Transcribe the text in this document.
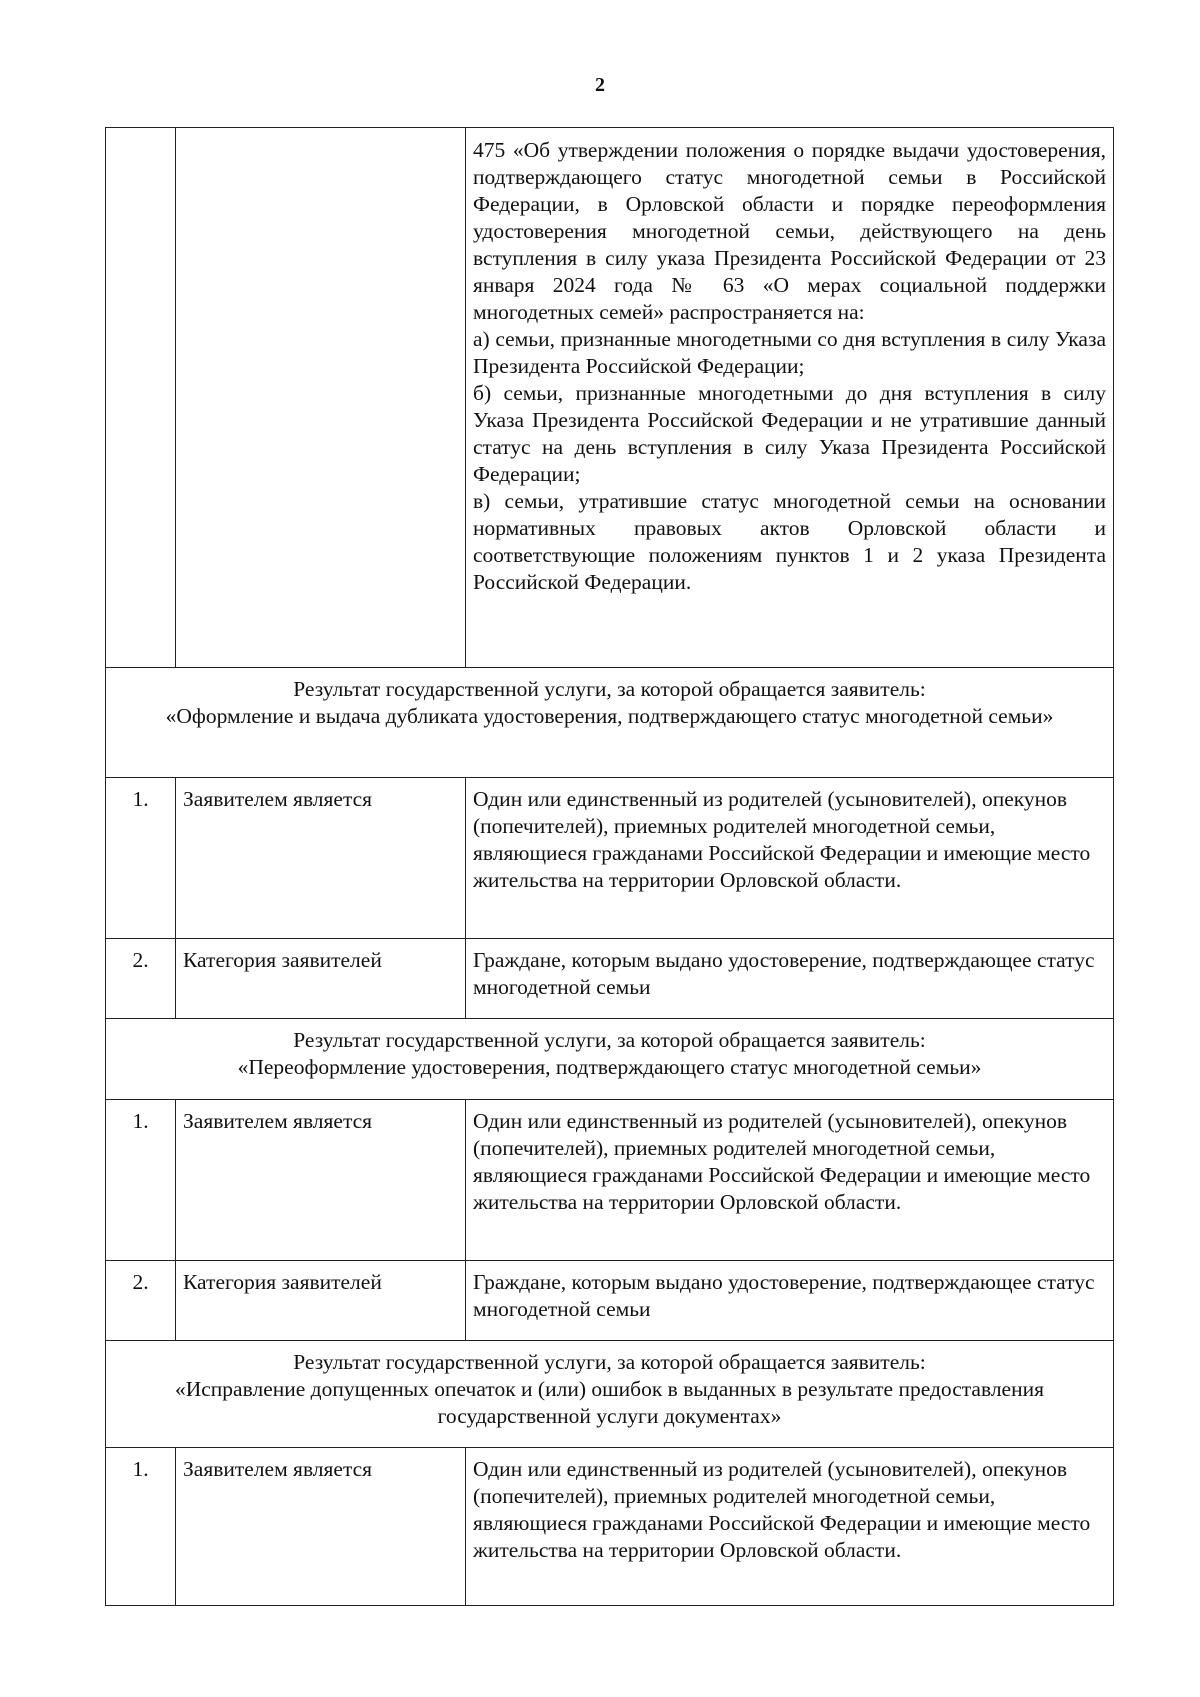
2

		475 «Об утверждении положения о порядке выдачи удостоверения, подтверждающего статус многодетной семьи в Российской Федерации, в Орловской области и порядке переоформления удостоверения многодетной семьи, действующего на день вступления в силу указа Президента Российской Федерации от 23 января 2024 года № 63 «О мерах социальной поддержки многодетных семей» распространяется на:
а) семьи, признанные многодетными со дня вступления в силу Указа Президента Российской Федерации;
б) семьи, признанные многодетными до дня вступления в силу Указа Президента Российской Федерации и не утратившие данный статус на день вступления в силу Указа Президента Российской Федерации;
в) семьи, утратившие статус многодетной семьи на основании нормативных правовых актов Орловской области и соответствующие положениям пунктов 1 и 2 указа Президента Российской Федерации.

Результат государственной услуги, за которой обращается заявитель:
«Оформление и выдача дубликата удостоверения, подтверждающего статус многодетной семьи»		

1.	Заявителем является	Один или единственный из родителей (усыновителей), опекунов (попечителей), приемных родителей многодетной семьи, являющиеся гражданами Российской Федерации и имеющие место жительства на территории Орловской области.
2.	Категория заявителей	Граждане, которым выдано удостоверение, подтверждающее статус многодетной семьи

Результат государственной услуги, за которой обращается заявитель:
«Переоформление удостоверения, подтверждающего статус многодетной семьи»		

1.	Заявителем является	Один или единственный из родителей (усыновителей), опекунов (попечителей), приемных родителей многодетной семьи, являющиеся гражданами Российской Федерации и имеющие место жительства на территории Орловской области.
2.	Категория заявителей	Граждане, которым выдано удостоверение, подтверждающее статус многодетной семьи

Результат государственной услуги, за которой обращается заявитель:
«Исправление допущенных опечаток и (или) ошибок в выданных в результате предоставления государственной услуги документах»		

1.	Заявителем является	Один или единственный из родителей (усыновителей), опекунов (попечителей), приемных родителей многодетной семьи, являющиеся гражданами Российской Федерации и имеющие место жительства на территории Орловской области.
